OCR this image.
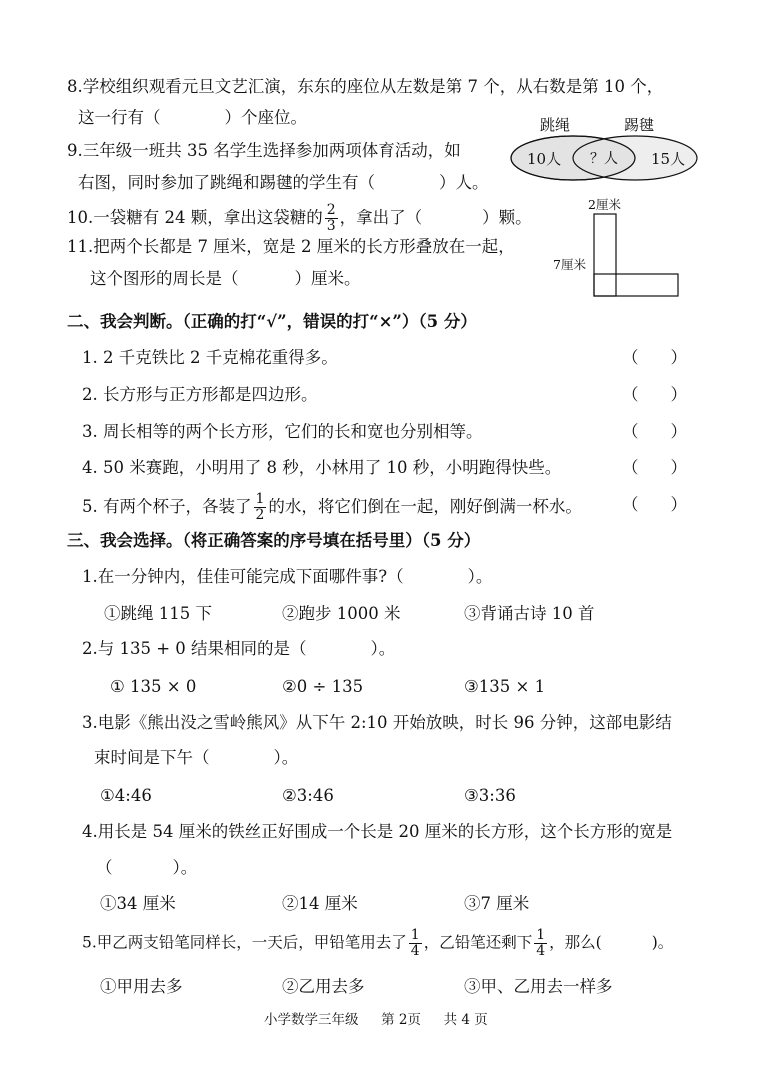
8.学校组织观看元旦文艺汇演，东东的座位从左数是第 7 个，从右数是第 10 个，
这一行有（	）个座位。	跳绳	踢毽
10人 ？人 15人
9.三年级一班共 35 名学生选择参加两项体育活动，如
右图，同时参加了跳绳和踢毽的学生有（	）人。
10.一袋糖有 24 颗，拿出这袋糖的 $\frac{2}{3}$ ，拿出了（	）颗。
2厘米
7厘米
11.把两个长都是 7 厘米，宽是 2 厘米的长方形叠放在一起，
这个图形的周长是（	）厘米。
二、我会判断。（正确的打“√”，错误的打“×”）（5 分）
1. 2 千克铁比 2 千克棉花重得多。	（ ）
2. 长方形与正方形都是四边形。	（ ）
3. 周长相等的两个长方形，它们的长和宽也分别相等。	（ ）
4. 50 米赛跑，小明用了 8 秒，小林用了 10 秒，小明跑得快些。	（ ）
5. 有两个杯子，各装了 $\frac{1}{2}$ 的水，将它们倒在一起，刚好倒满一杯水。 （ ）
三、我会选择。（将正确答案的序号填在括号里）（5 分）
1.在一分钟内，佳佳可能完成下面哪件事?（	）。
①跳绳 115 下	②跑步 1000 米	③背诵古诗 10 首
2.与 135 + 0 结果相同的是（	）。
① 135 × 0	②0 ÷ 135	③135 × 1
3.电影《熊出没之雪岭熊风》从下午 2:10 开始放映，时长 96 分钟，这部电影结
束时间是下午（	）。
①4:46	②3:46	③3:36
4.用长是 54 厘米的铁丝正好围成一个长是 20 厘米的长方形，这个长方形的宽是
（	）。
①34 厘米	②14 厘米	③7 厘米
5.甲乙两支铅笔同样长，一天后，甲铅笔用去了 $\frac{1}{4}$ ，乙铅笔还剩下 $\frac{1}{4}$ ，那么(	)。
①甲用去多	②乙用去多	③甲、乙用去一样多
小学数学三年级 第 2页 共 4 页
